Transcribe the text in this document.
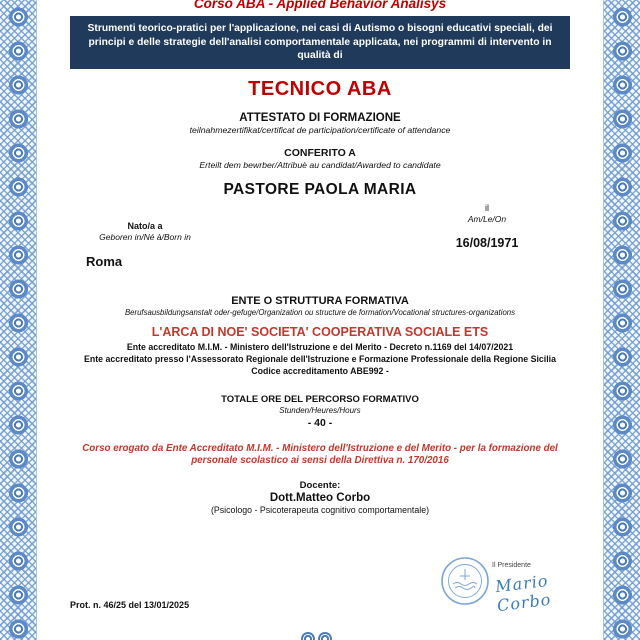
Corso ABA - Applied Behavior Analisys
Strumenti teorico-pratici per l'applicazione, nei casi di Autismo o bisogni educativi speciali, dei principi e delle strategie dell'analisi comportamentale applicata, nei programmi di intervento in qualità di
TECNICO ABA
ATTESTATO DI FORMAZIONE
teilnahmezertifikat/certificat de participation/certificate of attendance
CONFERITO A
Erteilt dem bewrber/Attribuè au candidat/Awarded to candidate
PASTORE PAOLA MARIA
Nato/a a
Geboren in/Né à/Born in
Roma
il
Am/Le/On
16/08/1971
ENTE O STRUTTURA FORMATIVA
Berufsausbildungsanstalt oder-gefuge/Organization ou structure de formation/Vocational structures-organizations
L'ARCA DI NOE' SOCIETA' COOPERATIVA SOCIALE ETS
Ente accreditato M.I.M. - Ministero dell'Istruzione e del Merito - Decreto n.1169 del 14/07/2021
Ente accreditato presso l'Assessorato Regionale dell'Istruzione e Formazione Professionale della Regione Sicilia
Codice accreditamento ABE992 -
TOTALE ORE DEL PERCORSO FORMATIVO
Stunden/Heures/Hours
- 40 -
Corso erogato da Ente Accreditato M.I.M. - Ministero dell'Istruzione e del Merito - per la formazione del personale scolastico ai sensi della Direttiva n. 170/2016
Docente:
Dott.Matteo Corbo
(Psicologo - Psicoterapeuta cognitivo comportamentale)
Prot. n. 46/25 del 13/01/2025
Il Presidente
Mario Corbo
